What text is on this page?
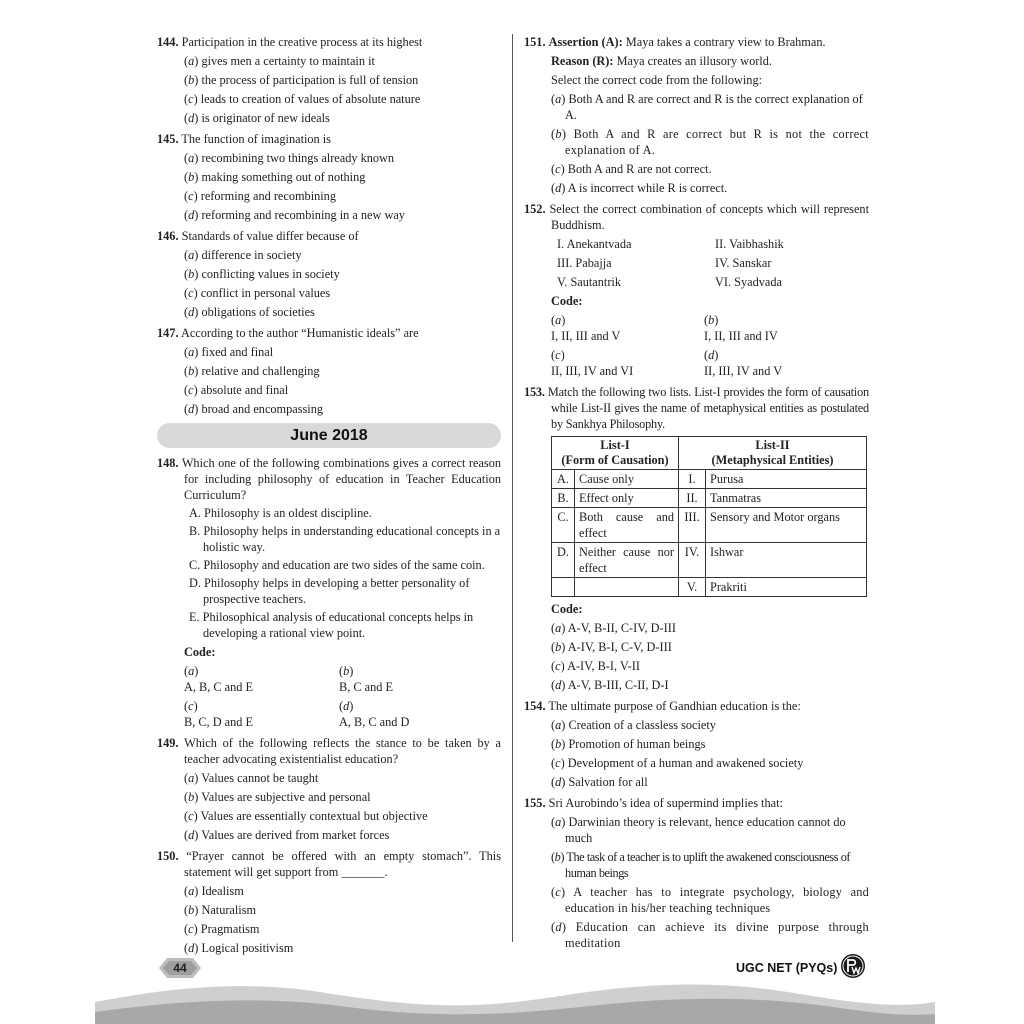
144. Participation in the creative process at its highest
(a) gives men a certainty to maintain it
(b) the process of participation is full of tension
(c) leads to creation of values of absolute nature
(d) is originator of new ideals
145. The function of imagination is
(a) recombining two things already known
(b) making something out of nothing
(c) reforming and recombining
(d) reforming and recombining in a new way
146. Standards of value differ because of
(a) difference in society
(b) conflicting values in society
(c) conflict in personal values
(d) obligations of societies
147. According to the author “Humanistic ideals” are
(a) fixed and final
(b) relative and challenging
(c) absolute and final
(d) broad and encompassing
June 2018
148. Which one of the following combinations gives a correct reason for including philosophy of education in Teacher Education Curriculum?
A. Philosophy is an oldest discipline.
B. Philosophy helps in understanding educational concepts in a holistic way.
C. Philosophy and education are two sides of the same coin.
D. Philosophy helps in developing a better personality of prospective teachers.
E. Philosophical analysis of educational concepts helps in developing a rational view point.
Code:
(a)
A, B, C and E
(b)
B, C and E
(c)
B, C, D and E
(d)
A, B, C and D
149. Which of the following reflects the stance to be taken by a teacher advocating existentialist education?
(a) Values cannot be taught
(b) Values are subjective and personal
(c) Values are essentially contextual but objective
(d) Values are derived from market forces
150. “Prayer cannot be offered with an empty stomach”. This statement will get support from _______.
(a) Idealism
(b) Naturalism
(c) Pragmatism
(d) Logical positivism
151. Assertion (A): Maya takes a contrary view to Brahman.
Reason (R): Maya creates an illusory world.
Select the correct code from the following:
(a) Both A and R are correct and R is the correct explanation of A.
(b) Both A and R are correct but R is not the correct explanation of A.
(c) Both A and R are not correct.
(d) A is incorrect while R is correct.
152. Select the correct combination of concepts which will represent Buddhism.
I. Anekantvada	II. Vaibhashik
III. Pabajja	IV. Sanskar
V. Sautantrik	VI. Syadvada
Code:
(a)
I, II, III and V
(b)
I, II, III and IV
(c)
II, III, IV and VI
(d)
II, III, IV and V
153. Match the following two lists. List-I provides the form of causation while List-II gives the name of metaphysical entities as postulated by Sankhya Philosophy.
List-I
(Form of Causation)		List-II
(Metaphysical Entities)	
A.	Cause only	I.	Purusa
B.	Effect only	II.	Tanmatras
C.	Both cause and effect	III.	Sensory and Motor organs
D.	Neither cause nor effect	IV.	Ishwar
		V.	Prakriti
Code:
(a) A-V, B-II, C-IV, D-III
(b) A-IV, B-I, C-V, D-III
(c) A-IV, B-I, V-II
(d) A-V, B-III, C-II, D-I
154. The ultimate purpose of Gandhian education is the:
(a) Creation of a classless society
(b) Promotion of human beings
(c) Development of a human and awakened society
(d) Salvation for all
155. Sri Aurobindo’s idea of supermind implies that:
(a) Darwinian theory is relevant, hence education cannot do much
(b) The task of a teacher is to uplift the awakened consciousness of human beings
(c) A teacher has to integrate psychology, biology and education in his/her teaching techniques
(d) Education can achieve its divine purpose through meditation
44	UGC NET (PYQs)
